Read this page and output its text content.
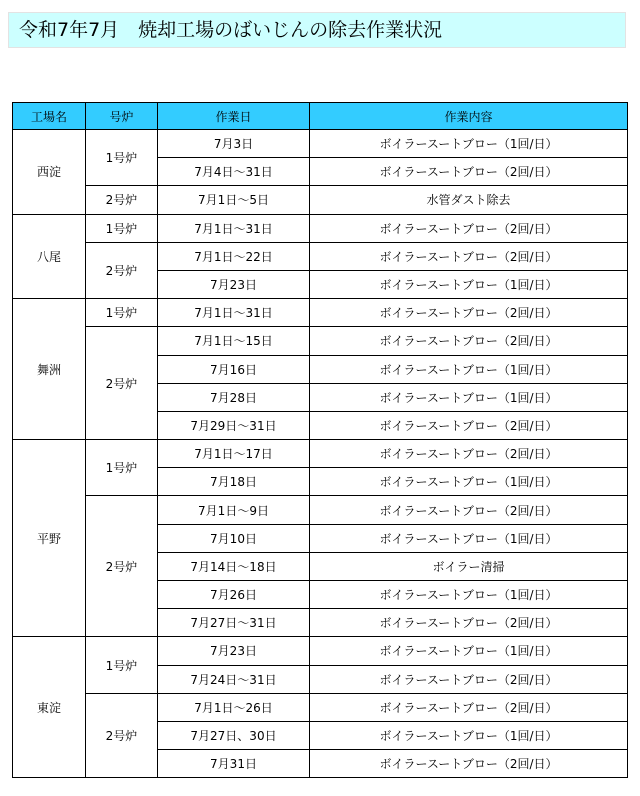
令和7年7月　焼却工場のばいじんの除去作業状況
工場名	号炉	作業日	作業内容
西淀	1号炉	7月3日	ボイラースートブロー（1回/日）
		7月4日～31日	ボイラースートブロー（2回/日）
	2号炉	7月1日～5日	水管ダスト除去
八尾	1号炉	7月1日～31日	ボイラースートブロー（2回/日）
	2号炉	7月1日～22日	ボイラースートブロー（2回/日）
		7月23日	ボイラースートブロー（1回/日）
舞洲	1号炉	7月1日～31日	ボイラースートブロー（2回/日）
	2号炉	7月1日～15日	ボイラースートブロー（2回/日）
		7月16日	ボイラースートブロー（1回/日）
		7月28日	ボイラースートブロー（1回/日）
		7月29日～31日	ボイラースートブロー（2回/日）
平野	1号炉	7月1日～17日	ボイラースートブロー（2回/日）
		7月18日	ボイラースートブロー（1回/日）
	2号炉	7月1日～9日	ボイラースートブロー（2回/日）
		7月10日	ボイラースートブロー（1回/日）
		7月14日～18日	ボイラー清掃
		7月26日	ボイラースートブロー（1回/日）
		7月27日～31日	ボイラースートブロー（2回/日）
東淀	1号炉	7月23日	ボイラースートブロー（1回/日）
		7月24日～31日	ボイラースートブロー（2回/日）
	2号炉	7月1日～26日	ボイラースートブロー（2回/日）
		7月27日、30日	ボイラースートブロー（1回/日）
		7月31日	ボイラースートブロー（2回/日）
